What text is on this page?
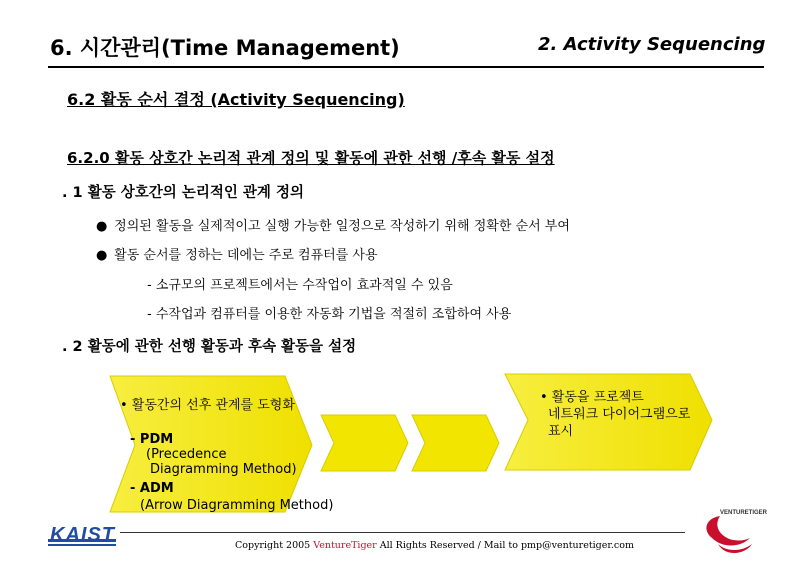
6. 시간관리(Time Management)	2. Activity Sequencing
6.2 활동 순서 결정 (Activity Sequencing)
6.2.0 활동 상호간 논리적 관계 정의 및 활동에 관한 선행 /후속 활동 설정
. 1 활동 상호간의 논리적인 관계 정의
● 정의된 활동을 실제적이고 실행 가능한 일정으로 작성하기 위해 정확한 순서 부여
● 활동 순서를 정하는 데에는 주로 컴퓨터를 사용
- 소규모의 프로젝트에서는 수작업이 효과적일 수 있음
- 수작업과 컴퓨터를 이용한 자동화 기법을 적절히 조합하여 사용
. 2 활동에 관한 선행 활동과 후속 활동을 설정
• 활동간의 선후 관계를 도형화
- PDM
(Precedence
Diagramming Method)
- ADM
(Arrow Diagramming Method)
• 활동을 프로젝트
네트워크 다이어그램으로
표시
KAIST	Copyright 2005 VentureTiger All Rights Reserved / Mail to pmp@venturetiger.com
VENTURETIGER
